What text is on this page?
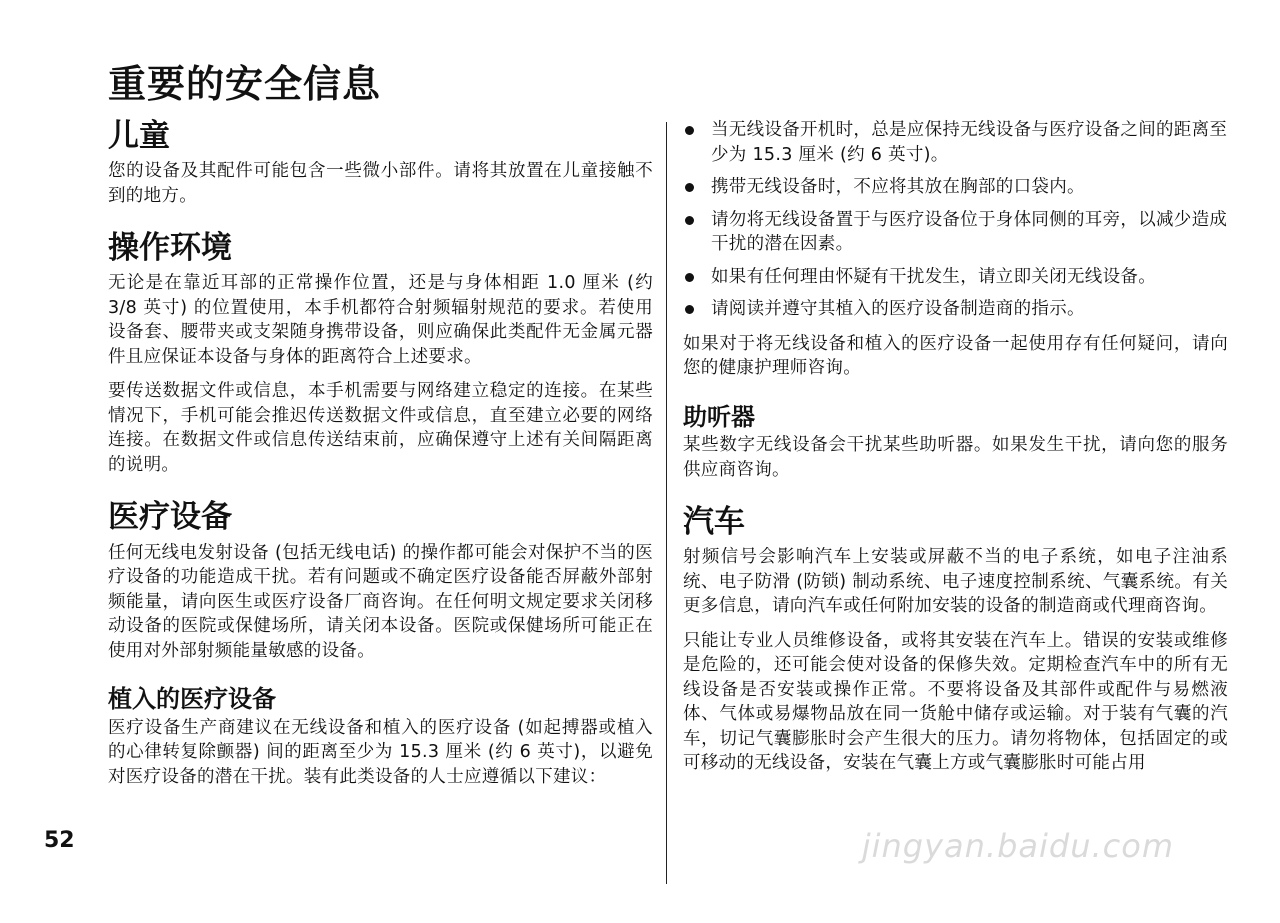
重要的安全信息
儿童

您的设备及其配件可能包含一些微小部件。请将其放置在儿童接触不到的地方。

操作环境

无论是在靠近耳部的正常操作位置，还是与身体相距 1.0 厘米 (约 3/8 英寸) 的位置使用，本手机都符合射频辐射规范的要求。若使用设备套、腰带夹或支架随身携带设备，则应确保此类配件无金属元器件且应保证本设备与身体的距离符合上述要求。

要传送数据文件或信息，本手机需要与网络建立稳定的连接。在某些情况下，手机可能会推迟传送数据文件或信息，直至建立必要的网络连接。在数据文件或信息传送结束前，应确保遵守上述有关间隔距离的说明。

医疗设备

任何无线电发射设备 (包括无线电话) 的操作都可能会对保护不当的医疗设备的功能造成干扰。若有问题或不确定医疗设备能否屏蔽外部射频能量，请向医生或医疗设备厂商咨询。在任何明文规定要求关闭移动设备的医院或保健场所，请关闭本设备。医院或保健场所可能正在使用对外部射频能量敏感的设备。

植入的医疗设备

医疗设备生产商建议在无线设备和植入的医疗设备 (如起搏器或植入的心律转复除颤器) 间的距离至少为 15.3 厘米 (约 6 英寸)，以避免对医疗设备的潜在干扰。装有此类设备的人士应遵循以下建议：

当无线设备开机时，总是应保持无线设备与医疗设备之间的距离至少为 15.3 厘米 (约 6 英寸)。
携带无线设备时，不应将其放在胸部的口袋内。
请勿将无线设备置于与医疗设备位于身体同侧的耳旁，以减少造成干扰的潜在因素。
如果有任何理由怀疑有干扰发生，请立即关闭无线设备。
请阅读并遵守其植入的医疗设备制造商的指示。

如果对于将无线设备和植入的医疗设备一起使用存有任何疑问，请向您的健康护理师咨询。

助听器

某些数字无线设备会干扰某些助听器。如果发生干扰，请向您的服务供应商咨询。

汽车

射频信号会影响汽车上安装或屏蔽不当的电子系统，如电子注油系统、电子防滑 (防锁) 制动系统、电子速度控制系统、气囊系统。有关更多信息，请向汽车或任何附加安装的设备的制造商或代理商咨询。

只能让专业人员维修设备，或将其安装在汽车上。错误的安装或维修是危险的，还可能会使对设备的保修失效。定期检查汽车中的所有无线设备是否安装或操作正常。不要将设备及其部件或配件与易燃液体、气体或易爆物品放在同一货舱中储存或运输。对于装有气囊的汽车，切记气囊膨胀时会产生很大的压力。请勿将物体，包括固定的或可移动的无线设备，安装在气囊上方或气囊膨胀时可能占用

52	jingyan.baidu.com
